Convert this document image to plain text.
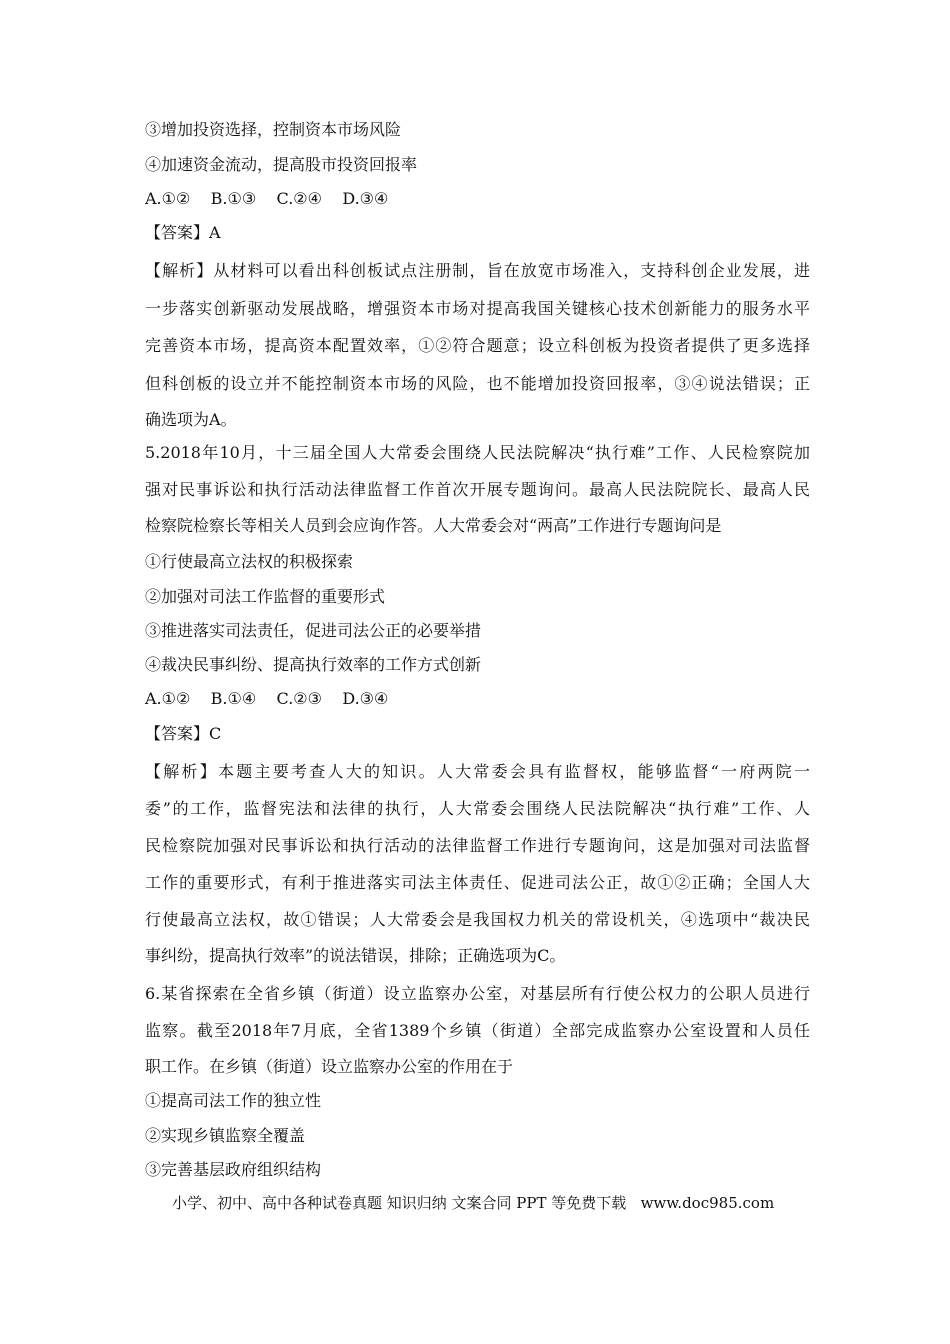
③增加投资选择，控制资本市场风险
④加速资金流动，提高股市投资回报率
A.①②    B.①③    C.②④    D.③④
【答案】A
【解析】从材料可以看出科创板试点注册制，旨在放宽市场准入，支持科创企业发展，进
一步落实创新驱动发展战略，增强资本市场对提高我国关键核心技术创新能力的服务水平
完善资本市场，提高资本配置效率，①②符合题意；设立科创板为投资者提供了更多选择
但科创板的设立并不能控制资本市场的风险，也不能增加投资回报率，③④说法错误；正
确选项为A。
5.2018年10月，十三届全国人大常委会围绕人民法院解决“执行难”工作、人民检察院加
强对民事诉讼和执行活动法律监督工作首次开展专题询问。最高人民法院院长、最高人民
检察院检察长等相关人员到会应询作答。人大常委会对“两高”工作进行专题询问是
①行使最高立法权的积极探索
②加强对司法工作监督的重要形式
③推进落实司法责任，促进司法公正的必要举措
④裁决民事纠纷、提高执行效率的工作方式创新
A.①②    B.①④    C.②③    D.③④
【答案】C
【解析】本题主要考查人大的知识。人大常委会具有监督权，能够监督“一府两院一
委”的工作，监督宪法和法律的执行，人大常委会围绕人民法院解决“执行难”工作、人
民检察院加强对民事诉讼和执行活动的法律监督工作进行专题询问，这是加强对司法监督
工作的重要形式，有利于推进落实司法主体责任、促进司法公正，故①②正确；全国人大
行使最高立法权，故①错误；人大常委会是我国权力机关的常设机关，④选项中“裁决民
事纠纷，提高执行效率”的说法错误，排除；正确选项为C。
6.某省探索在全省乡镇（街道）设立监察办公室，对基层所有行使公权力的公职人员进行
监察。截至2018年7月底，全省1389个乡镇（街道）全部完成监察办公室设置和人员任
职工作。在乡镇（街道）设立监察办公室的作用在于
①提高司法工作的独立性
②实现乡镇监察全覆盖
③完善基层政府组织结构
小学、初中、高中各种试卷真题 知识归纳 文案合同 PPT 等免费下载   www.doc985.com
